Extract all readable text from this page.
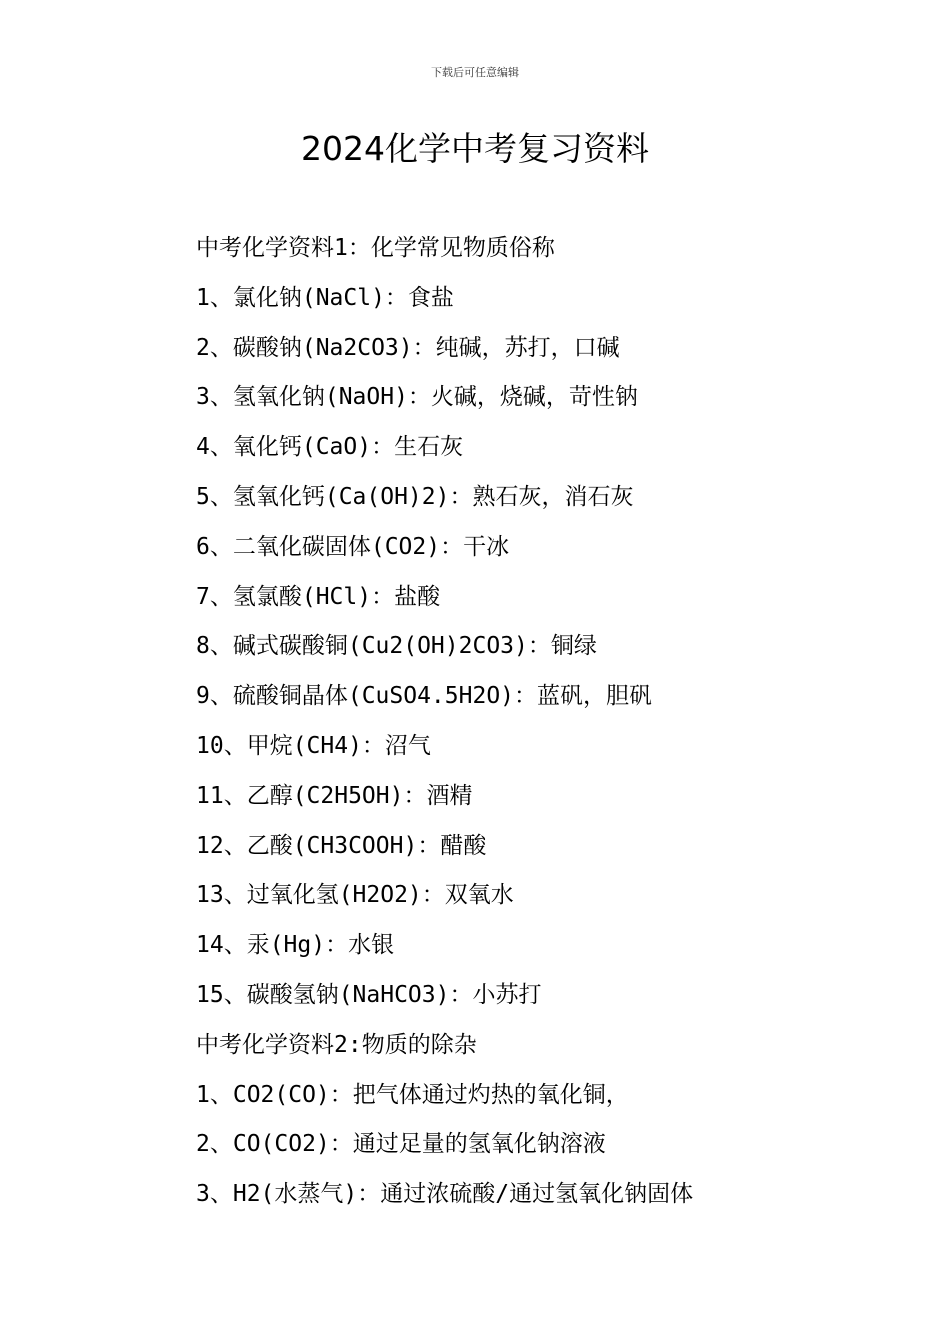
下载后可任意编辑
2024化学中考复习资料
中考化学资料1：化学常见物质俗称
1、氯化钠(NaCl)：食盐
2、碳酸钠(Na2CO3)：纯碱，苏打，口碱
3、氢氧化钠(NaOH)：火碱，烧碱，苛性钠
4、氧化钙(CaO)：生石灰
5、氢氧化钙(Ca(OH)2)：熟石灰，消石灰
6、二氧化碳固体(CO2)：干冰
7、氢氯酸(HCl)：盐酸
8、碱式碳酸铜(Cu2(OH)2CO3)：铜绿
9、硫酸铜晶体(CuSO4.5H2O)：蓝矾，胆矾
10、甲烷(CH4)：沼气
11、乙醇(C2H5OH)：酒精
12、乙酸(CH3COOH)：醋酸
13、过氧化氢(H2O2)：双氧水
14、汞(Hg)：水银
15、碳酸氢钠(NaHCO3)：小苏打
中考化学资料2:物质的除杂
1、CO2(CO)：把气体通过灼热的氧化铜，
2、CO(CO2)：通过足量的氢氧化钠溶液
3、H2(水蒸气)：通过浓硫酸/通过氢氧化钠固体
